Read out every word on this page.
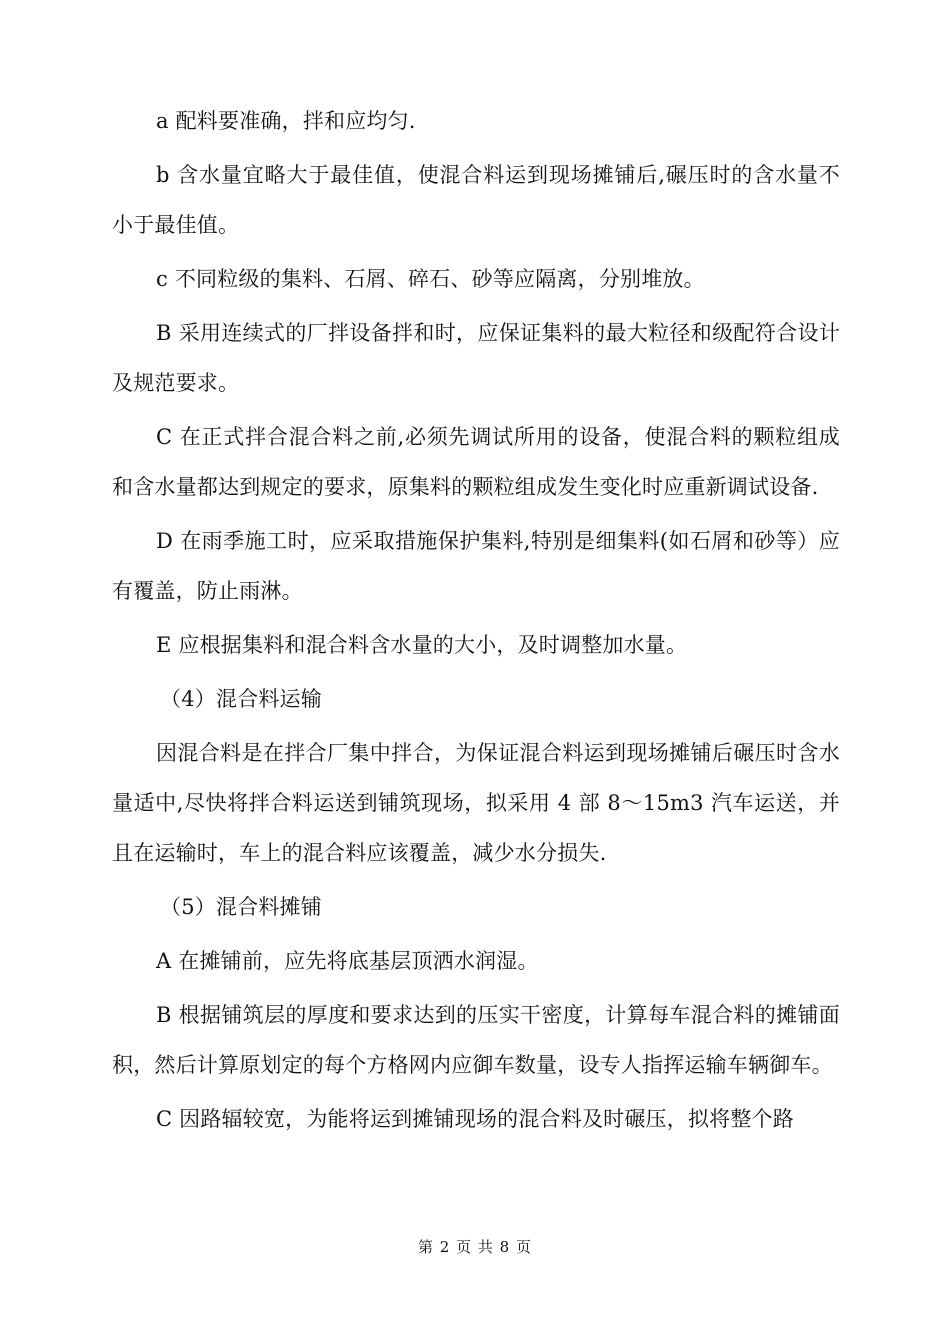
a 配料要准确，拌和应均匀.

b 含水量宜略大于最佳值，使混合料运到现场摊铺后,碾压时的含水量不小于最佳值。

c 不同粒级的集料、石屑、碎石、砂等应隔离，分别堆放。

B 采用连续式的厂拌设备拌和时，应保证集料的最大粒径和级配符合设计及规范要求。

C 在正式拌合混合料之前,必须先调试所用的设备，使混合料的颗粒组成和含水量都达到规定的要求，原集料的颗粒组成发生变化时应重新调试设备.

D 在雨季施工时，应采取措施保护集料,特别是细集料(如石屑和砂等）应有覆盖，防止雨淋。

E 应根据集料和混合料含水量的大小，及时调整加水量。

（4）混合料运输

因混合料是在拌合厂集中拌合，为保证混合料运到现场摊铺后碾压时含水量适中,尽快将拌合料运送到铺筑现场，拟采用 4 部 8～15m3 汽车运送，并且在运输时，车上的混合料应该覆盖，减少水分损失.

（5）混合料摊铺

A 在摊铺前，应先将底基层顶洒水润湿。

B 根据铺筑层的厚度和要求达到的压实干密度，计算每车混合料的摊铺面积，然后计算原划定的每个方格网内应御车数量，设专人指挥运输车辆御车。

C 因路辐较宽，为能将运到摊铺现场的混合料及时碾压，拟将整个路

第 2 页 共 8 页
